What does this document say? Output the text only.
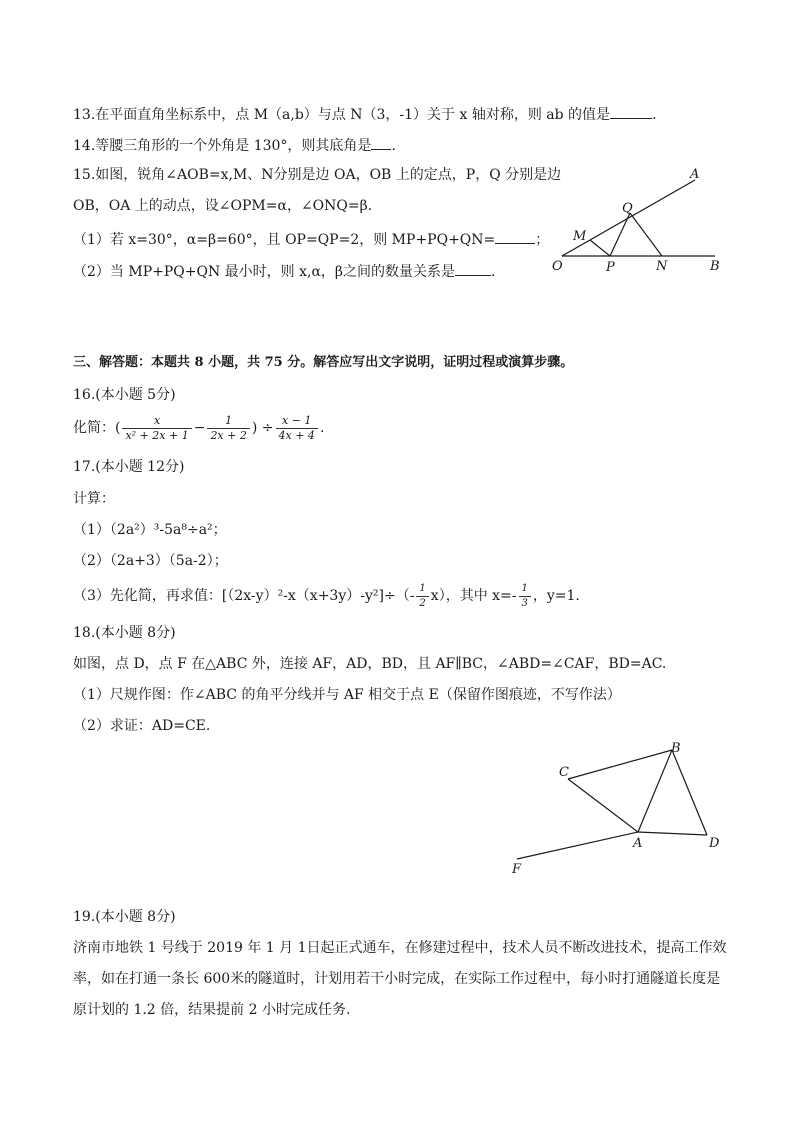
13.在平面直角坐标系中，点 M（a,b）与点 N（3，-1）关于 x 轴对称，则 ab 的值是	.
14.等腰三角形的一个外角是 130°，则其底角是 .
15.如图，锐角∠AOB=x,M、N分别是边 OA，OB 上的定点，P，Q 分别是边
OB，OA 上的动点，设∠OPM=α，∠ONQ=β.
（1）若 x=30°，α=β=60°，且 OP=QP=2，则 MP+PQ+QN=	；
（2）当 MP+PQ+QN 最小时，则 x,α，β之间的数量关系是	.
A
Q
M
O	P	N	B
三、解答题：本题共 8 小题，共 75 分。解答应写出文字说明，证明过程或演算步骤。
16.(本小题 5分)
化简：( $\frac{x}{\text{x² + 2x + 1}} - \frac{1}{2x + 2}$ ) ÷ $\frac{x - 1}{4x + 4}$ .
17.(本小题 12分)
计算：
（1）（2a²）³-5a⁸÷a²；
（2）（2a+3）（5a-2）；
（3）先化简，再求值：$[(2x-y)^2-x(x+3y)-y^2]\div(- \frac{1}{2} x)$，其中 $x=- \frac{1}{3}$ ，y=1.
18.(本小题 8分)
如图，点 D，点 F 在△ABC 外，连接 AF，AD，BD，且 AF∥BC，∠ABD=∠CAF，BD=AC.
（1）尺规作图：作∠ABC 的角平分线并与 AF 相交于点 E（保留作图痕迹，不写作法）
（2）求证：AD=CE.
B
C
A	D
F
19.(本小题 8分)
济南市地铁 1 号线于 2019 年 1 月 1日起正式通车，在修建过程中，技术人员不断改进技术，提高工作效
率，如在打通一条长 600米的隧道时，计划用若干小时完成，在实际工作过程中，每小时打通隧道长度是
原计划的 1.2 倍，结果提前 2 小时完成任务.
